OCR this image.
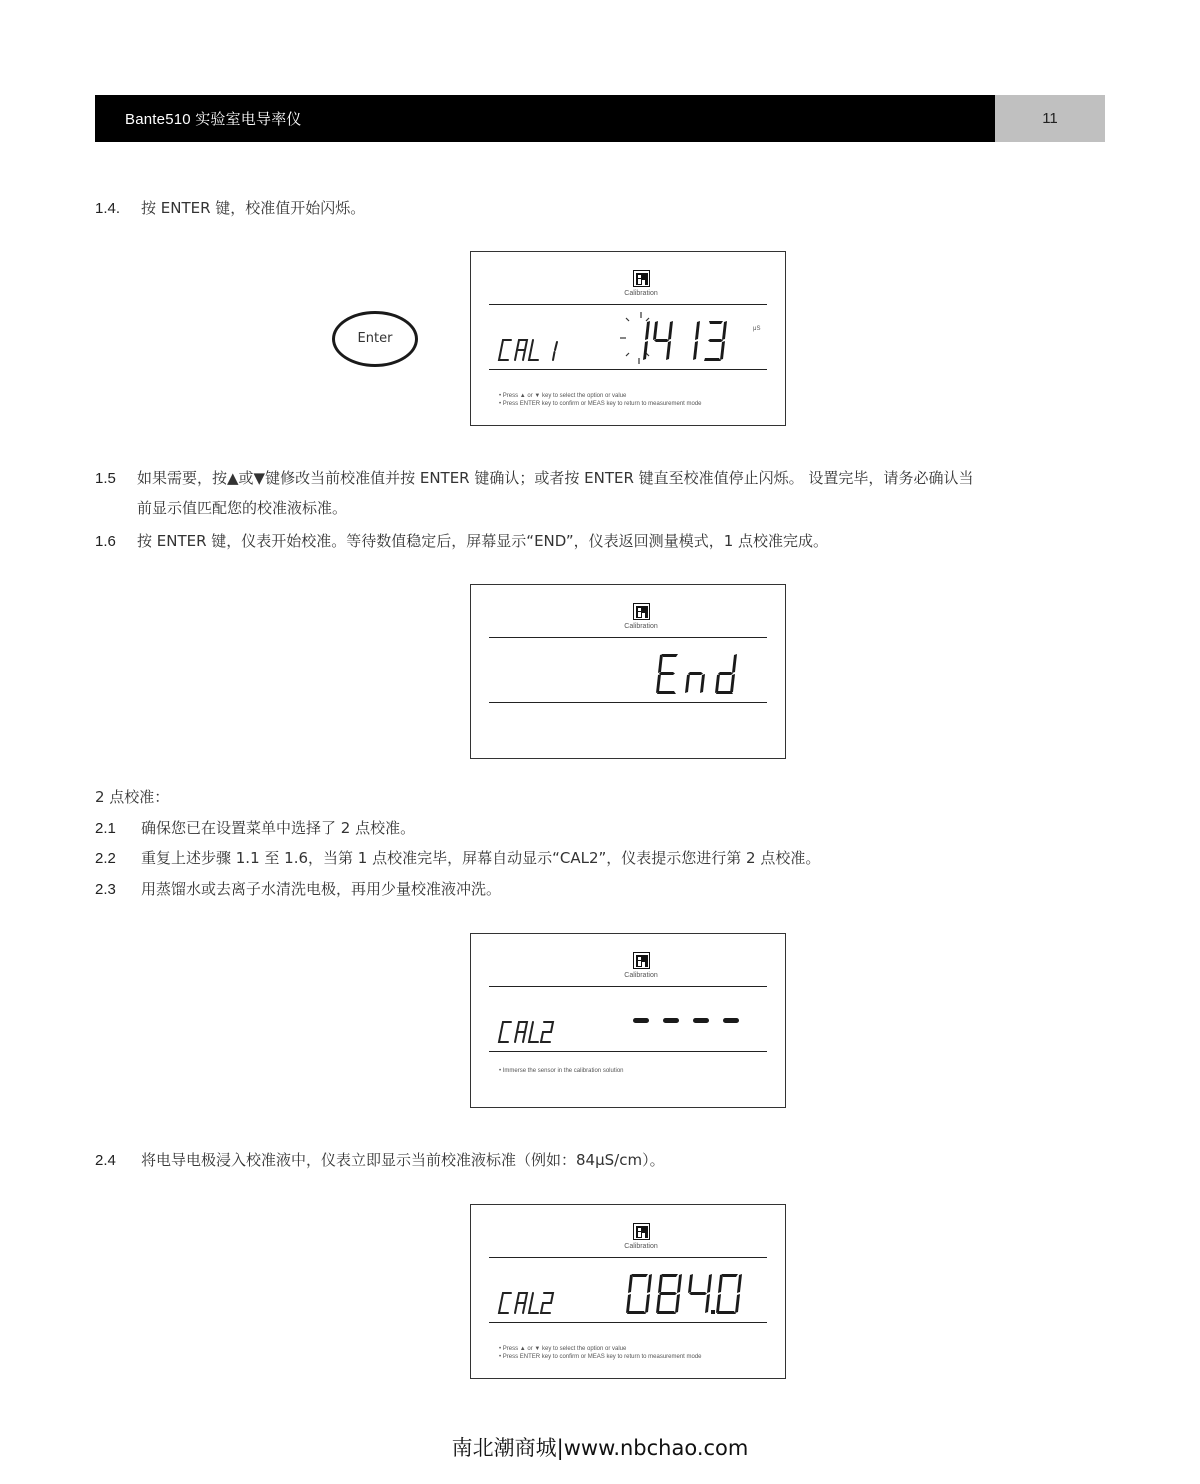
Bante510 实验室电导率仪	11
1.4. 按 ENTER 键，校准值开始闪烁。
Enter
Calibration
μS
• Press ▲ or ▼ key to select the option or value
• Press ENTER key to confirm or MEAS key to return to measurement mode
1.5 如果需要，按▲或▼键修改当前校准值并按 ENTER 键确认；或者按 ENTER 键直至校准值停止闪烁。 设置完毕，请务必确认当
前显示值匹配您的校准液标准。
1.6 按 ENTER 键，仪表开始校准。等待数值稳定后，屏幕显示“END”，仪表返回测量模式，1 点校准完成。
Calibration
2 点校准：
2.1 确保您已在设置菜单中选择了 2 点校准。
2.2 重复上述步骤 1.1 至 1.6，当第 1 点校准完毕，屏幕自动显示“CAL2”，仪表提示您进行第 2 点校准。
2.3 用蒸馏水或去离子水清洗电极，再用少量校准液冲洗。
Calibration
• Immerse the sensor in the calibration solution
2.4 将电导电极浸入校准液中，仪表立即显示当前校准液标准（例如：84μS/cm）。
Calibration
• Press ▲ or ▼ key to select the option or value
• Press ENTER key to confirm or MEAS key to return to measurement mode
南北潮商城|www.nbchao.com
